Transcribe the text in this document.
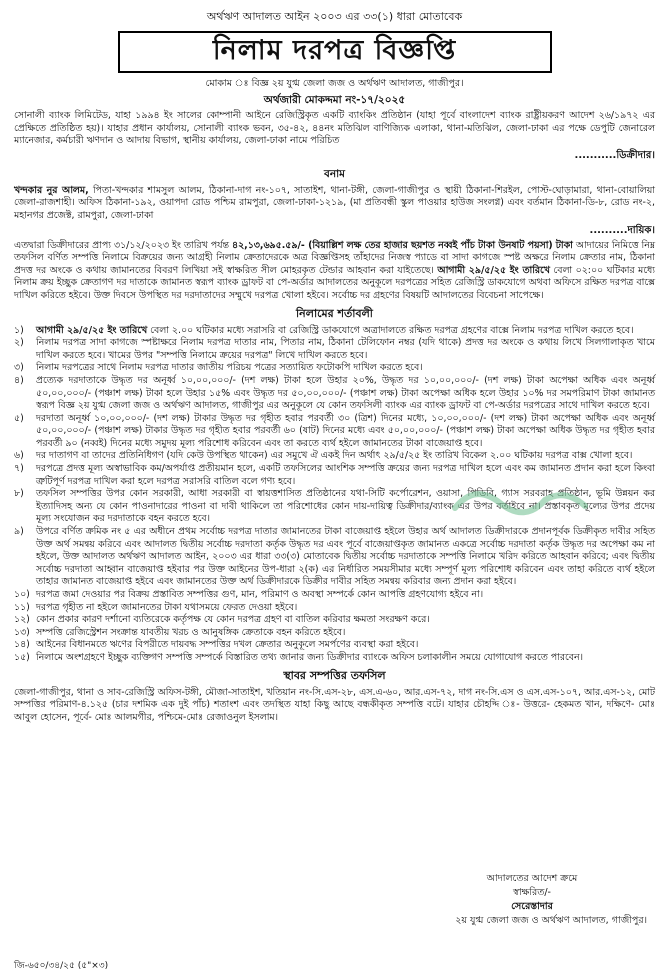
অর্থঋণ আদালত আইন ২০০৩ এর ৩৩(১) ধারা মোতাবেক
নিলাম দরপত্র বিজ্ঞপ্তি
মোকাম ঃ বিজ্ঞ ২য় যুগ্ম জেলা জজ ও অর্থঋণ আদালত, গাজীপুর।
অর্থজারী মোকদ্দমা নং-১৭/২০২৫

সোনালী ব্যাংক লিমিটেড, যাহা ১৯৯৪ ইং সালের কোম্পানী আইনে রেজিস্ট্রিকৃত একটি ব্যাংকিং প্রতিষ্ঠান (যাহা পূর্বে বাংলাদেশ ব্যাংক রাষ্ট্রীয়করণ আদেশ ২৬/১৯৭২ এর প্রেক্ষিতে প্রতিষ্ঠিত হয়)। যাহার প্রধান কার্যালয়, সোনালী ব্যাংক ভবন, ৩৫-৪২, ৪৪নং মতিঝিল বাণিজ্যিক এলাকা, থানা-মতিঝিল, জেলা-ঢাকা এর পক্ষে ডেপুটি জেনারেল ম্যানেজার, কর্মচারী ঋণদান ও আদায় বিভাগ, স্থানীয় কার্যালয়, জেলা-ঢাকা নামে পরিচিত

...........ডিক্রীদার।
বনাম

খন্দকার নুর আলম, পিতা-খন্দকার শামসুল আলম, ঠিকানা-দাগ নং-১০৭, সাতাইশ, থানা-টঙ্গী, জেলা-গাজীপুর ও স্থায়ী ঠিকানা-শিরইল, পোস্ট-ঘোড়ামারা, থানা-বোয়ালিয়া জেলা-রাজশাহী। অফিস ঠিকানা-১৯২, ওয়াপদা রোড পশ্চিম রামপুরা, জেলা-ঢাকা-১২১৯, (মা প্রতিবন্ধী স্কুল পাওয়ার হাউজ সংলগ্ন) এবং বর্তমান ঠিকানা-ডি-৮, রোড নং-২, মহানগর প্রজেক্ট, রামপুরা, জেলা-ঢাকা

..........দায়িক।

এতদ্বারা ডিক্রীদারের প্রাপ্য ৩১/১২/২০২৩ ইং তারিখ পর্যন্ত ৪২,১৩,৬৯৫.৫৯/- (বিয়াল্লিশ লক্ষ তের হাজার ছয়শত নব্বই পাঁচ টাকা উনষাট পয়সা) টাকা আদায়ের নিমিত্তে নিম্ন তফসিল বর্ণিত সম্পত্তি নিলামে বিক্রয়ের জন্য আগ্রহী নিলাম ক্রেতাদেরকে অত্র বিজ্ঞপ্তিসহ তাঁহাদের নিজস্ব প্যাডে বা সাদা কাগজে স্পষ্ট অক্ষরে নিলাম ক্রেতার নাম, ঠিকানা প্রদত্ত দর অংকে ও কথায় জামানতের বিবরণ লিখিয়া সই স্বাক্ষরিত সীল মোহরকৃত টেন্ডার আহবান করা যাইতেছে। আগামী ২৯/৫/২৫ ইং তারিখে বেলা ০২:০০ ঘটিকার মধ্যে নিলাম ক্রয় ইচ্ছুক ক্রেতাগণ দর দাতাকে জামানত স্বরূপ ব্যাংক ড্রাফট বা পে-অর্ডার আদালতের অনুকূলে দরপত্রের সহিত রেজিস্ট্রি ডাকযোগে অথবা অফিসে রক্ষিত দরপত্র বাক্সে দাখিল করিতে হইবে। উক্ত দিবসে উপস্থিত দর দরদাতাদের সম্মুখে দরপত্র খোলা হইবে। সর্বোচ্চ দর গ্রহণের বিষয়টি আদালতের বিবেচনা সাপেক্ষে।

নিলামের শর্তাবলী
১)	আগামী ২৯/৫/২৫ ইং তারিখে বেলা ২.০০ ঘটিকার মধ্যে সরাসরি বা রেজিস্ট্রি ডাকযোগে অত্রাদালতে রক্ষিত দরপত্র গ্রহণের বাক্সে নিলাম দরপত্র দাখিল করতে হবে।
২)	নিলাম দরপত্র সাদা কাগজে স্পষ্টাক্ষরে নিলাম দরপত্র দাতার নাম, পিতার নাম, ঠিকানা টেলিফোন নম্বর (যদি থাকে) প্রদত্ত দর অংকে ও কথায় লিখে সিলগালাকৃত খামে দাখিল করতে হবে। খামের উপর "সম্পত্তি নিলামে ক্রয়ের দরপত্র" লিখে দাখিল করতে হবে।
৩)	নিলাম দরপত্রের সাথে নিলাম দরপত্র দাতার জাতীয় পরিচয় পত্রের সত্যায়িত ফটোকপি দাখিল করতে হবে।
৪)	প্রত্যেক দরদাতাকে উদ্ধৃত দর অনূর্ধ্ব ১০,০০,০০০/- (দশ লক্ষ) টাকা হলে উহার ২০%, উদ্ধৃত দর ১০,০০,০০০/- (দশ লক্ষ) টাকা অপেক্ষা অধিক এবং অনূর্ধ্ব ৫০,০০,০০০/- (পঞ্চাশ লক্ষ) টাকা হলে উহার ১৫% এবং উদ্ধৃত দর ৫০,০০,০০০/- (পঞ্চাশ লক্ষ) টাকা অপেক্ষা অধিক হলে উহার ১০% দর সমপরিমাণ টাকা জামানত স্বরূপ বিজ্ঞ ২য় যুগ্ম জেলা জজ ও অর্থঋণ আদালত, গাজীপুর এর অনুকূলে যে কোন তফসিলী ব্যাংক এর ব্যাংক ড্রাফট বা পে-অর্ডার দরপত্রের সাথে দাখিল করতে হবে।
৫)	দরদাতা অনূর্ধ্ব ১০,০০,০০০/- (দশ লক্ষ) টাকার উদ্ধৃত দর গৃহীত হবার পরবর্তী ৩০ (ত্রিশ) দিনের মধ্যে, ১০,০০,০০০/- (দশ লক্ষ) টাকা অপেক্ষা অধিক এবং অনূর্ধ্ব ৫০,০০,০০০/- (পঞ্চাশ লক্ষ) টাকার উদ্ধৃত দর গৃহীত হবার পরবর্তী ৬০ (ষাট) দিনের মধ্যে এবং ৫০,০০,০০০/- (পঞ্চাশ লক্ষ) টাকা অপেক্ষা অধিক উদ্ধৃত দর গৃহীত হবার পরবর্তী ৯০ (নব্বই) দিনের মধ্যে সমুদয় মূল্য পরিশোধ করিবেন এবং তা করতে ব্যর্থ হইলে জামানতের টাকা বাজেয়াপ্ত হবে।
৬)	দর দাতাগণ বা তাদের প্রতিনিধিগণ (যদি কেউ উপস্থিত থাকেন) এর সমুখে ঐ একই দিন অর্থাৎ ২৯/৫/২৫ ইং তারিখ বিকেল ২.০০ ঘটিকায় দরপত্র বাক্স খোলা হবে।
৭)	দরপত্রে প্রদত্ত মূল্য অস্বাভাবিক কম/অপর্যাপ্ত প্রতীয়মান হলে, একটি তফসিলের আংশিক সম্পত্তি ক্রয়ের জন্য দরপত্র দাখিল হলে এবং কম জামানত প্রদান করা হলে কিংবা ত্রুটিপূর্ণ দরপত্র দাখিল করা হলে দরপত্র সরাসরি বাতিল বলে গণ্য হবে।
৮)	তফসিল সম্পত্তির উপর কোন সরকারী, আধা সরকারী বা স্বায়ত্তশাসিত প্রতিষ্ঠানের যথা-সিটি কর্পোরেশন, ওয়াসা, পিডিবি, গ্যাস সরবরাহ প্রতিষ্ঠান, ভূমি উন্নয়ন কর ইত্যাদিসহ অন্য যে কোন পাওনাদারের পাওনা বা দাবী থাকিলে তা পরিশোধের কোন দায়-দায়িত্ব ডিক্রীদার/ব্যাংক এর উপর বর্তাইবে না। প্রস্তাবকৃত মূল্যের উপর প্রদেয় মূল্য সংযোজন কর দরদাতাকে বহন করতে হবে।
৯)	উপরে বর্ণিত ক্রমিক নং ৫ এর অধীনে প্রথম সর্বোচ্চ দরপত্র দাতার জামানতের টাকা বাজেয়াপ্ত হইলে উহার অর্থ আদালত ডিক্রীদারকে প্রদানপূর্বক ডিক্রীকৃত দাবীর সহিত উক্ত অর্থ সমন্বয় করিবে এবং আদালত দ্বিতীয় সর্বোচ্চ দরদাতা কর্তৃক উদ্ধৃত দর এবং পূর্বে বাজেয়াপ্তকৃত জামানত একত্রে সর্বোচ্চ দরদাতা কর্তৃক উদ্ধৃত দর অপেক্ষা কম না হইলে, উক্ত আদালত অর্থঋণ আদালত আইন, ২০০৩ এর ধারা ৩৩(৩) মোতাবেক দ্বিতীয় সর্বোচ্চ দরদাতাকে সম্পত্তি নিলামে খরিদ করিতে আহবান করিবে; এবং দ্বিতীয় সর্বোচ্চ দরদাতা আহ্বান বাজেয়াপ্ত হইবার পর উক্ত আইনের উপ-ধারা ২(ক) এর নির্ধারিত সময়সীমার মধ্যে সম্পূর্ণ মূল্য পরিশোধ করিবেন এবং তাহা করিতে ব্যর্থ হইলে তাহার জামানত বাজেয়াপ্ত হইবে এবং জামানতের উক্ত অর্থ ডিক্রীদারকে ডিক্রীর দাবীর সহিত সমন্বয় করিবার জন্য প্রদান করা হইবে।
১০) দরপত্র জমা দেওয়ার পর বিক্রয় প্রস্তাবিত সম্পত্তির গুণ, মান, পরিমাণ ও অবস্থা সম্পর্কে কোন আপত্তি গ্রহণযোগ্য হইবে না।
১১) দরপত্র গৃহীত না হইলে জামানতের টাকা যথাসময়ে ফেরত দেওয়া হইবে।
১২) কোন প্রকার কারণ দর্শানো ব্যতিরেকে কর্তৃপক্ষ যে কোন দরপত্র গ্রহণ বা বাতিল করিবার ক্ষমতা সংরক্ষণ করে।
১৩) সম্পত্তি রেজিস্ট্রেশন সংক্রান্ত যাবতীয় খরচ ও আনুষঙ্গিক ক্রেতাকে বহন করিতে হইবে।
১৪) আইনের বিধানমতে ঋণের বিপরীতে দায়বদ্ধ সম্পত্তির দখল ক্রেতার অনুকূলে সমর্পণের ব্যবস্থা করা হইবে।
১৫) নিলামে অংশগ্রহণে ইচ্ছুক ব্যক্তিগণ সম্পত্তি সম্পর্কে বিস্তারিত তথ্য জানার জন্য ডিক্রীদার ব্যাংকে অফিস চলাকালীন সময়ে যোগাযোগ করতে পারবেন।
স্থাবর সম্পত্তির তফসিল

জেলা-গাজীপুর, থানা ও সাব-রেজিস্ট্রি অফিস-টঙ্গী, মৌজা-সাতাইশ, খতিয়ান নং-সি.এস-২৮, এস.এ-৬০, আর.এস-৭২, দাগ নং-সি.এস ও এস.এস-১০৭, আর.এস-১২, মোট সম্পত্তির পরিমাণ-৪.১২৫ (চার দশমিক এক দুই পাঁচ) শতাংশ এবং তদস্থিত যাহা কিছু আছে বন্ধকীকৃত সম্পত্তি বটে। যাহার চৌহদ্দি ঃ- উত্তরে- হেকমত খান, দক্ষিণে- মোঃ আবুল হোসেন, পূর্বে- মোঃ আলমগীর, পশ্চিমে-মোঃ রেজাওনুল ইসলাম।

আদালতের আদেশ ক্রমে
স্বাক্ষরিত/-
সেরেস্তাদার
২য় যুগ্ম জেলা জজ ও অর্থঋণ আদালত, গাজীপুর।
জি-৬৫০/৩৪/২৫ (৫"×৩)
